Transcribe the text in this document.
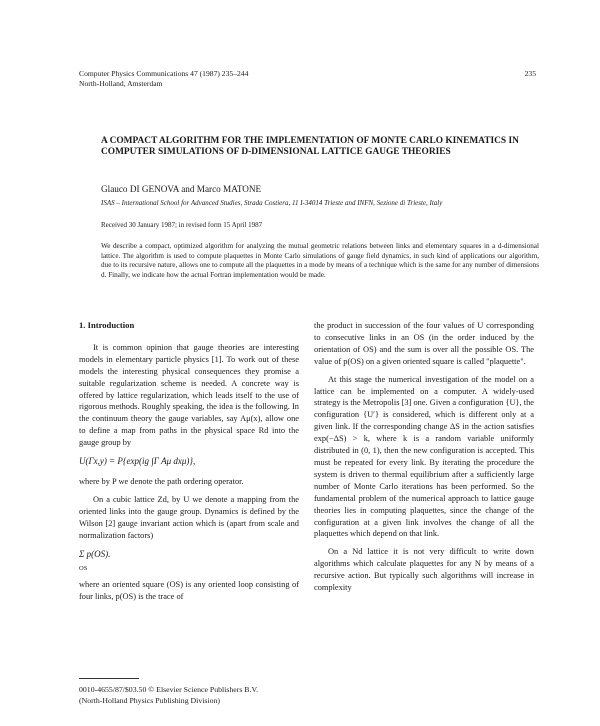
Computer Physics Communications 47 (1987) 235–244
North-Holland, Amsterdam
235
A COMPACT ALGORITHM FOR THE IMPLEMENTATION OF MONTE CARLO KINEMATICS IN COMPUTER SIMULATIONS OF D-DIMENSIONAL LATTICE GAUGE THEORIES
Glauco DI GENOVA and Marco MATONE
ISAS – International School for Advanced Studies, Strada Costiera, 11 I-34014 Trieste and INFN, Sezione di Trieste, Italy
Received 30 January 1987; in revised form 15 April 1987
We describe a compact, optimized algorithm for analyzing the mutual geometric relations between links and elementary squares in a d-dimensional lattice. The algorithm is used to compute plaquettes in Monte Carlo simulations of gauge field dynamics, in such kind of applications our algorithm, due to its recursive nature, allows one to compute all the plaquettes in a mode by means of a technique which is the same for any number of dimensions d. Finally, we indicate how the actual Fortran implementation would be made.
1. Introduction

It is common opinion that gauge theories are interesting models in elementary particle physics [1]. To work out of these models the interesting physical consequences they promise a suitable regularization scheme is needed. A concrete way is offered by lattice regularization, which leads itself to the use of rigorous methods. Roughly speaking, the idea is the following. In the continuum theory the gauge variables, say Aμ(x), allow one to define a map from paths in the physical space Rd into the gauge group by

U(Γx,y) = P{exp(ig ∫Γ Aμ dxμ)},

where by P we denote the path ordering operator.

On a cubic lattice Zd, by U we denote a mapping from the oriented links into the gauge group. Dynamics is defined by the Wilson [2] gauge invariant action which is (apart from scale and normalization factors)

Σ p(OS).
OS

where an oriented square (OS) is any oriented loop consisting of four links, p(OS) is the trace of

the product in succession of the four values of U corresponding to consecutive links in an OS (in the order induced by the orientation of OS) and the sum is over all the possible OS. The value of p(OS) on a given oriented square is called "plaquette".

At this stage the numerical investigation of the model on a lattice can be implemented on a computer. A widely-used strategy is the Metropolis [3] one. Given a configuration {U}, the configuration {U′} is considered, which is different only at a given link. If the corresponding change ΔS in the action satisfies exp(−ΔS) > k, where k is a random variable uniformly distributed in (0, 1), then the new configuration is accepted. This must be repeated for every link. By iterating the procedure the system is driven to thermal equilibrium after a sufficiently large number of Monte Carlo iterations has been performed. So the fundamental problem of the numerical approach to lattice gauge theories lies in computing plaquettes, since the change of the configuration at a given link involves the change of all the plaquettes which depend on that link.

On a Nd lattice it is not very difficult to write down algorithms which calculate plaquettes for any N by means of a recursive action. But typically such algorithms will increase in complexity

0010-4655/87/$03.50 © Elsevier Science Publishers B.V.
(North-Holland Physics Publishing Division)
